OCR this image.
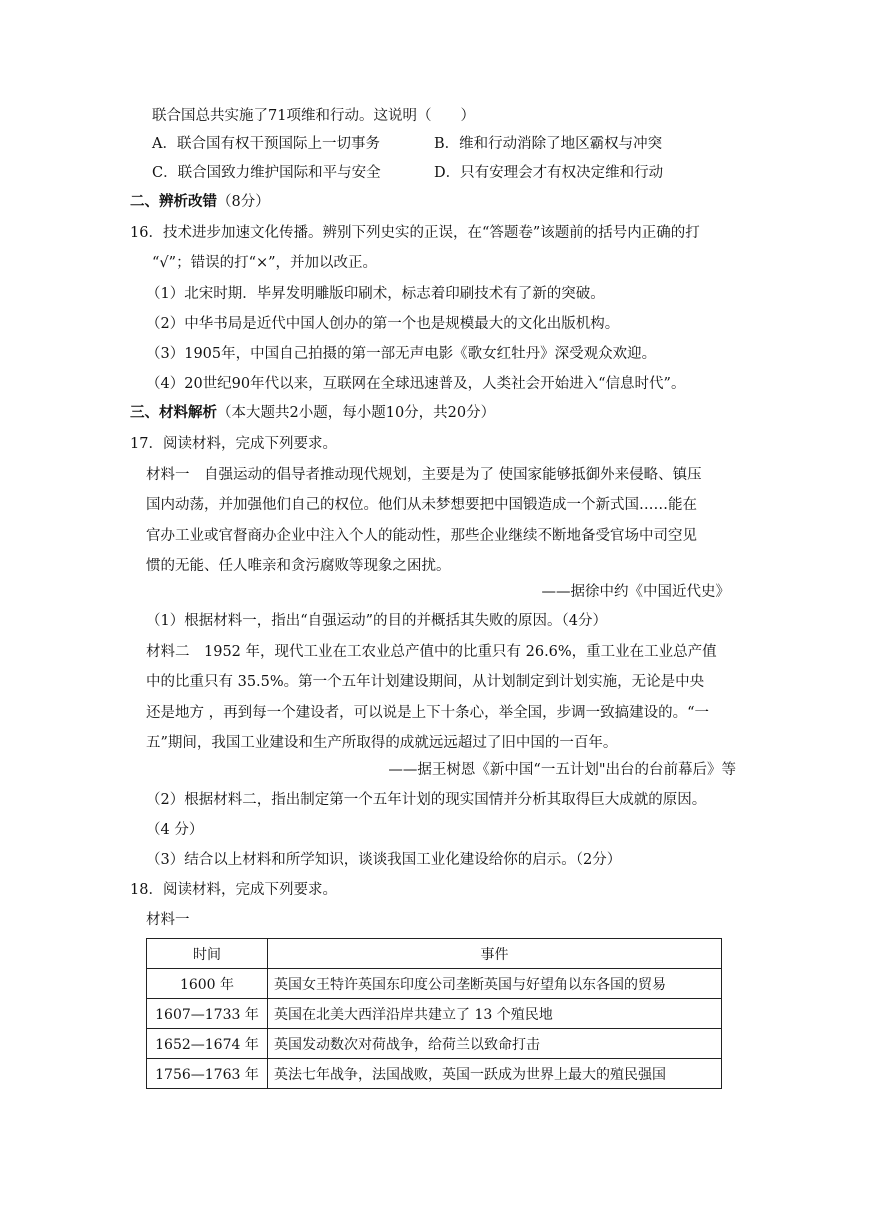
联合国总共实施了71项维和行动。这说明（　　）
A．联合国有权干预国际上一切事务	B．维和行动消除了地区霸权与冲突
C．联合国致力维护国际和平与安全	D．只有安理会才有权决定维和行动
二、辨析改错（8分）
16．技术进步加速文化传播。辨别下列史实的正误，在“答题卷”该题前的括号内正确的打
“√”；错误的打“×”，并加以改正。
（1）北宋时期．毕昇发明雕版印刷术，标志着印刷技术有了新的突破。
（2）中华书局是近代中国人创办的第一个也是规模最大的文化出版机构。
（3）1905年，中国自己拍摄的第一部无声电影《歌女红牡丹》深受观众欢迎。
（4）20世纪90年代以来，互联网在全球迅速普及，人类社会开始进入“信息时代”。
三、材料解析（本大题共2小题，每小题10分，共20分）
17．阅读材料，完成下列要求。
材料一　自强运动的倡导者推动现代规划，主要是为了 使国家能够抵御外来侵略、镇压
国内动荡，并加强他们自己的权位。他们从未梦想要把中国锻造成一个新式国……能在
官办工业或官督商办企业中注入个人的能动性，那些企业继续不断地备受官场中司空见
惯的无能、任人唯亲和贪污腐败等现象之困扰。
——据徐中约《中国近代史》
（1）根据材料一，指出“自强运动”的目的并概括其失败的原因。（4分）
材料二　1952 年，现代工业在工农业总产值中的比重只有 26.6%，重工业在工业总产值
中的比重只有 35.5%。第一个五年计划建设期间，从计划制定到计划实施，无论是中央
还是地方 ，再到每一个建设者，可以说是上下十条心，举全国，步调一致搞建设的。“一
五”期间，我国工业建设和生产所取得的成就远远超过了旧中国的一百年。
——据王树恩《新中国“一五计划"出台的台前幕后》等
（2）根据材料二，指出制定第一个五年计划的现实国情并分析其取得巨大成就的原因。
（4 分）
（3）结合以上材料和所学知识，谈谈我国工业化建设给你的启示。（2分）
18．阅读材料，完成下列要求。
材料一
时间	事件
1600 年	英国女王特许英国东印度公司垄断英国与好望角以东各国的贸易
1607—1733 年	英国在北美大西洋沿岸共建立了 13 个殖民地
1652—1674 年	英国发动数次对荷战争，给荷兰以致命打击
1756—1763 年	英法七年战争，法国战败，英国一跃成为世界上最大的殖民强国
